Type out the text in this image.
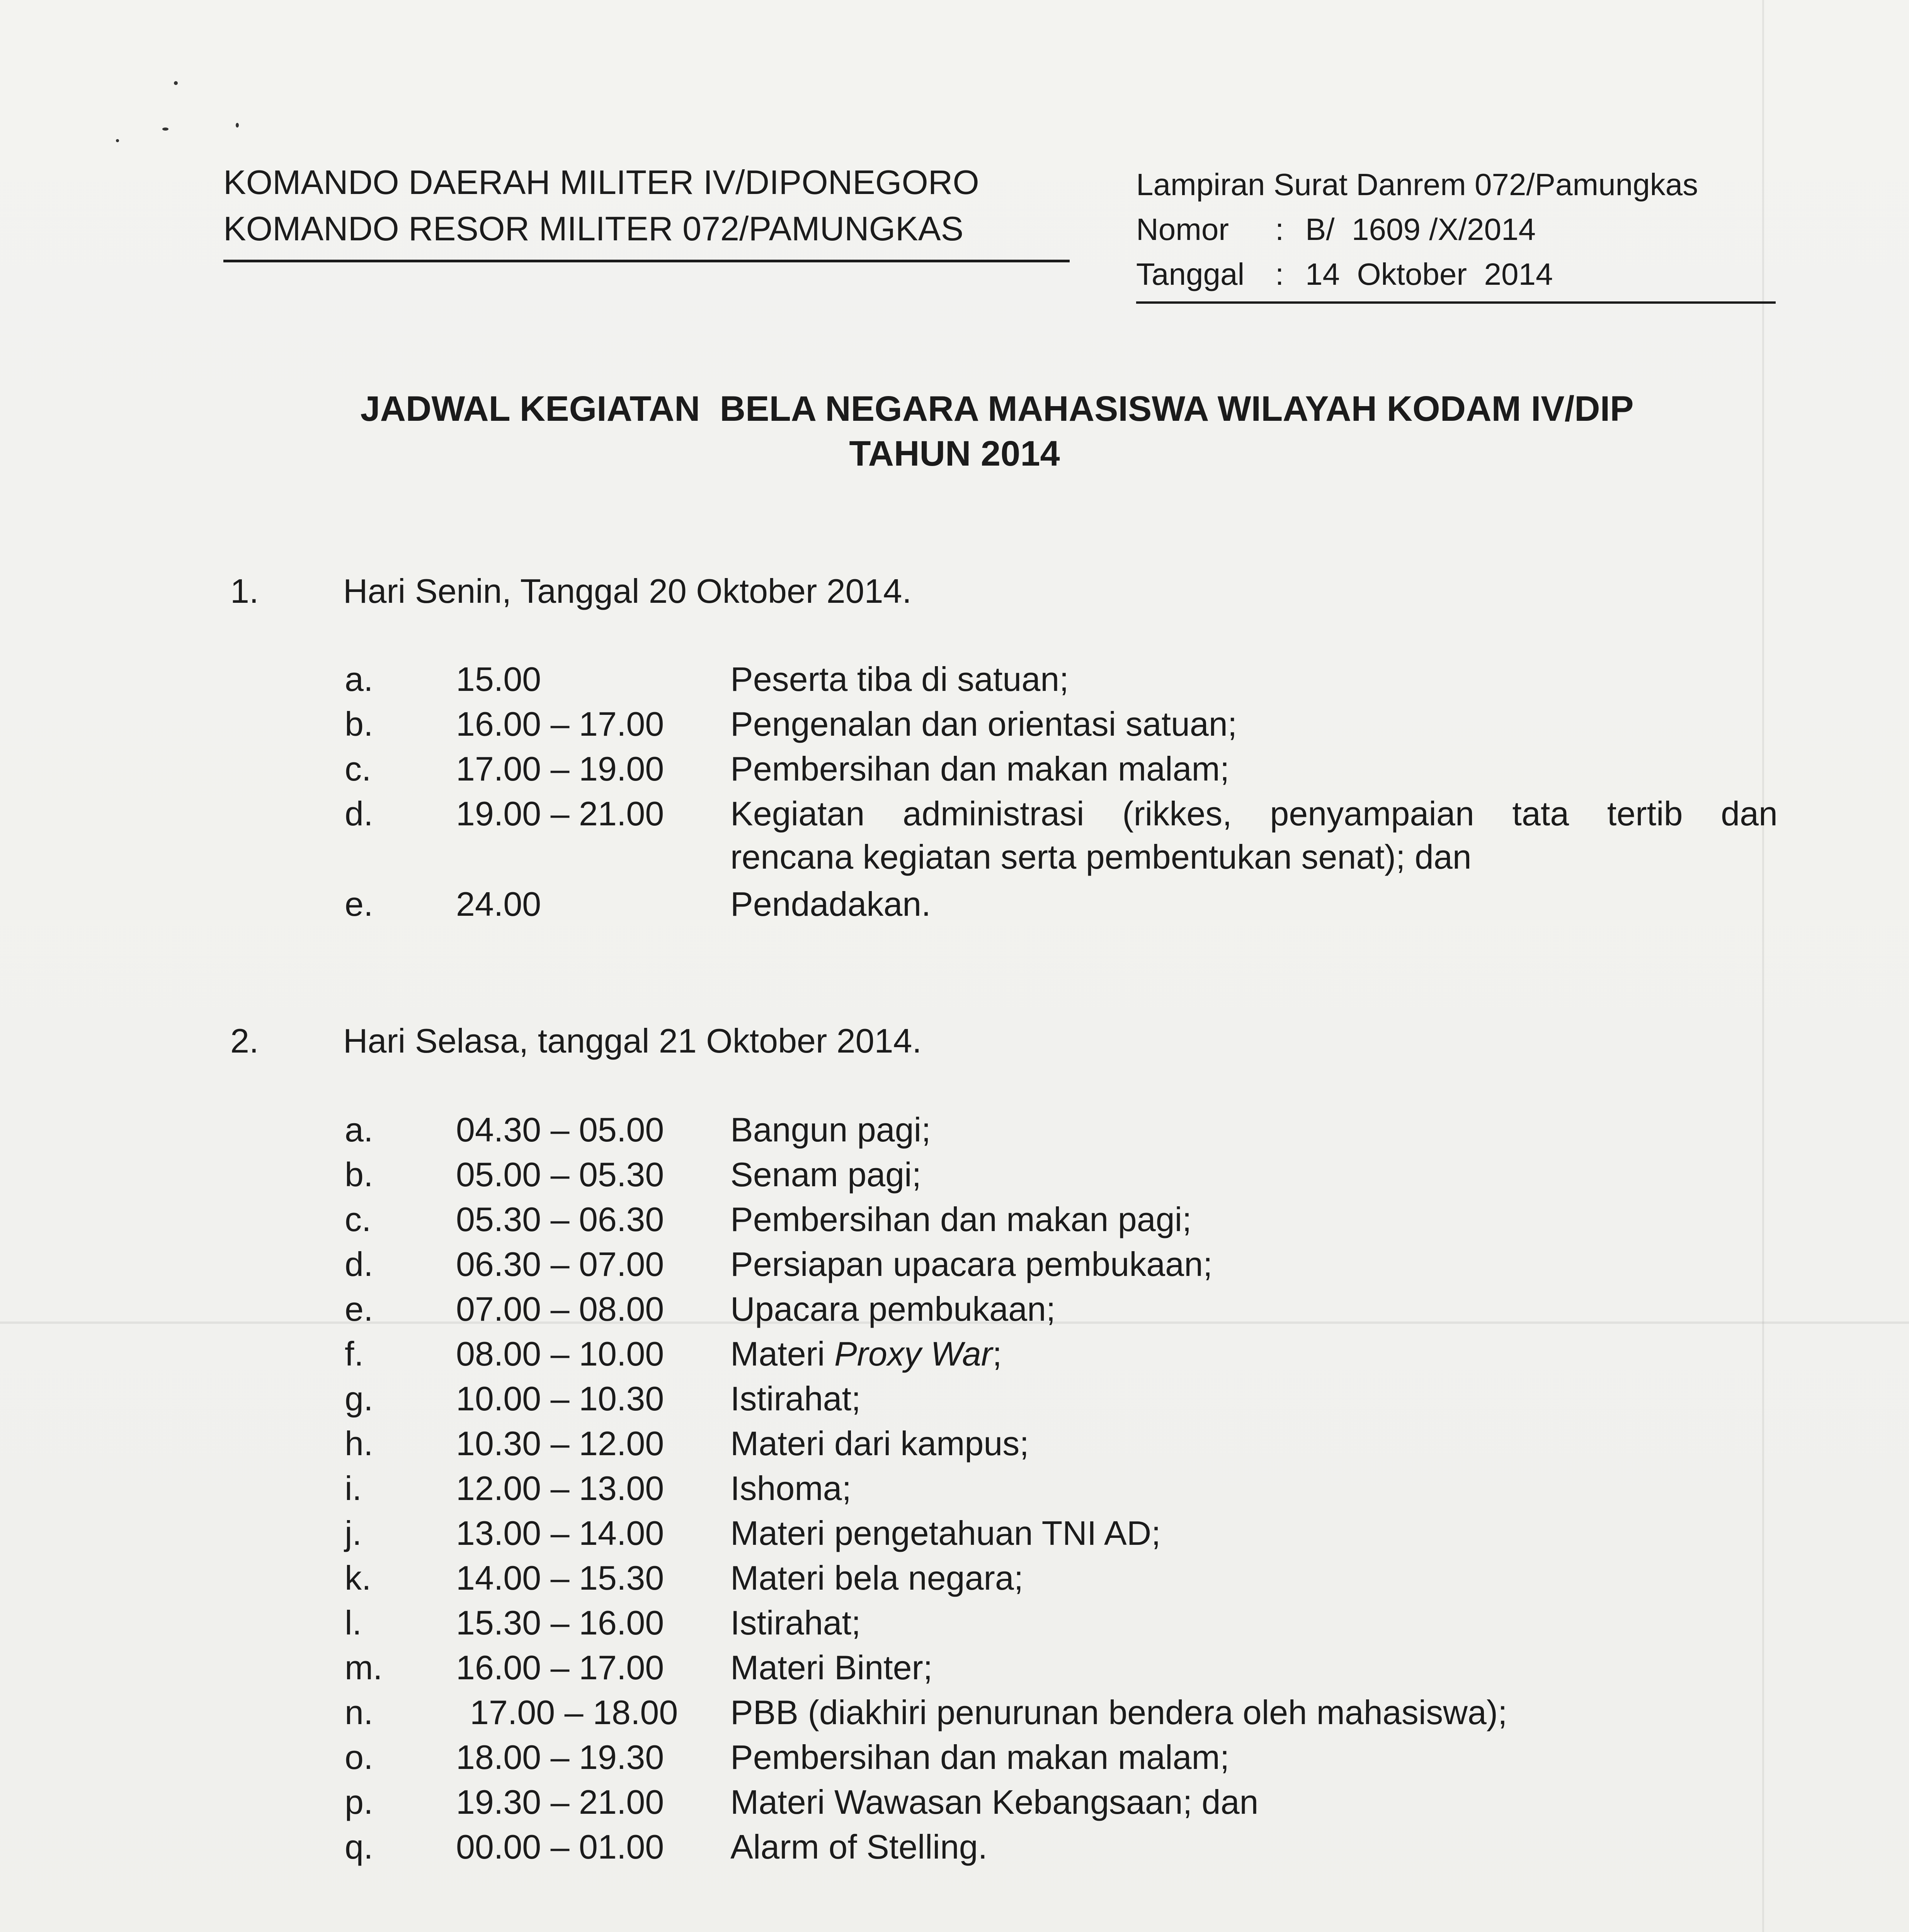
KOMANDO DAERAH MILITER IV/DIPONEGORO
KOMANDO RESOR MILITER 072/PAMUNGKAS
Lampiran Surat Danrem 072/Pamungkas
Nomor : B/  1609 /X/2014
Tanggal : 14  Oktober  2014
JADWAL KEGIATAN  BELA NEGARA MAHASISWA WILAYAH KODAM IV/DIP
TAHUN 2014
1. Hari Senin, Tanggal 20 Oktober 2014.
a. 15.00	Peserta tiba di satuan;
b. 16.00 – 17.00 Pengenalan dan orientasi satuan;
c. 17.00 – 19.00 Pembersihan dan makan malam;
d. 19.00 – 21.00 Kegiatan administrasi (rikkes, penyampaian tata tertib dan
rencana kegiatan serta pembentukan senat); dan
e. 24.00	Pendadakan.
2. Hari Selasa, tanggal 21 Oktober 2014.
a. 04.30 – 05.00 Bangun pagi;
b. 05.00 – 05.30 Senam pagi;
c. 05.30 – 06.30 Pembersihan dan makan pagi;
d. 06.30 – 07.00 Persiapan upacara pembukaan;
e. 07.00 – 08.00 Upacara pembukaan;
f.	08.00 – 10.00 Materi Proxy War;
g. 10.00 – 10.30 Istirahat;
h. 10.30 – 12.00 Materi dari kampus;
i.	12.00 – 13.00 Ishoma;
j.	13.00 – 14.00 Materi pengetahuan TNI AD;
k. 14.00 – 15.30 Materi bela negara;
l.	15.30 – 16.00 Istirahat;
m. 16.00 – 17.00 Materi Binter;
n.	17.00 – 18.00 PBB (diakhiri penurunan bendera oleh mahasiswa);
o. 18.00 – 19.30 Pembersihan dan makan malam;
p. 19.30 – 21.00 Materi Wawasan Kebangsaan; dan
q. 00.00 – 01.00 Alarm of Stelling.
